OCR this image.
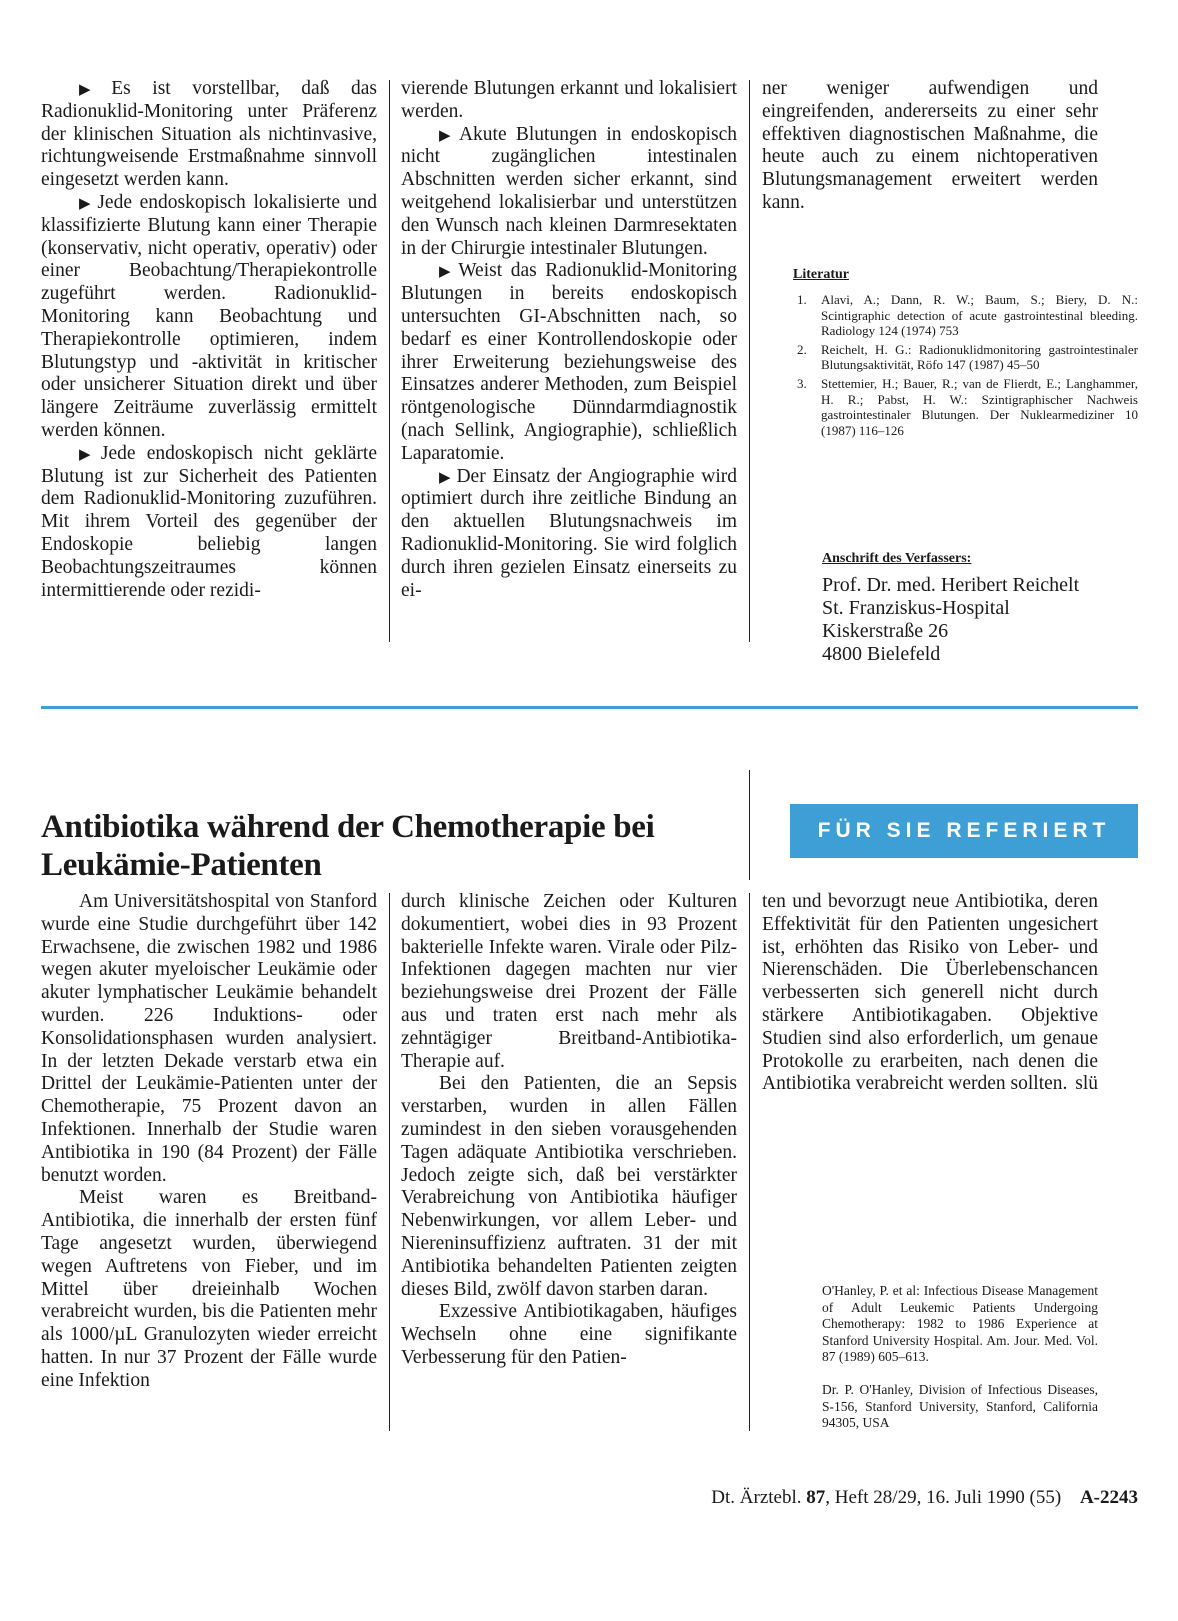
▶ Es ist vorstellbar, daß das Radionuklid-Monitoring unter Präferenz der klinischen Situation als nichtinvasive, richtungweisende Erstmaßnahme sinnvoll eingesetzt werden kann.

▶ Jede endoskopisch lokalisierte und klassifizierte Blutung kann einer Therapie (konservativ, nicht operativ, operativ) oder einer Beobachtung/Therapiekontrolle zugeführt werden. Radionuklid-Monitoring kann Beobachtung und Therapiekontrolle optimieren, indem Blutungstyp und -aktivität in kritischer oder unsicherer Situation direkt und über längere Zeiträume zuverlässig ermittelt werden können.

▶ Jede endoskopisch nicht geklärte Blutung ist zur Sicherheit des Patienten dem Radionuklid-Monitoring zuzuführen. Mit ihrem Vorteil des gegenüber der Endoskopie beliebig langen Beobachtungszeitraumes können intermittierende oder rezidi-

vierende Blutungen erkannt und lokalisiert werden.

▶ Akute Blutungen in endoskopisch nicht zugänglichen intestinalen Abschnitten werden sicher erkannt, sind weitgehend lokalisierbar und unterstützen den Wunsch nach kleinen Darmresektaten in der Chirurgie intestinaler Blutungen.

▶ Weist das Radionuklid-Monitoring Blutungen in bereits endoskopisch untersuchten GI-Abschnitten nach, so bedarf es einer Kontrollendoskopie oder ihrer Erweiterung beziehungsweise des Einsatzes anderer Methoden, zum Beispiel röntgenologische Dünndarmdiagnostik (nach Sellink, Angiographie), schließlich Laparatomie.

▶ Der Einsatz der Angiographie wird optimiert durch ihre zeitliche Bindung an den aktuellen Blutungsnachweis im Radionuklid-Monitoring. Sie wird folglich durch ihren gezielen Einsatz einerseits zu ei-

ner weniger aufwendigen und eingreifenden, andererseits zu einer sehr effektiven diagnostischen Maßnahme, die heute auch zu einem nichtoperativen Blutungsmanagement erweitert werden kann.

Literatur
1. Alavi, A.; Dann, R. W.; Baum, S.; Biery, D. N.: Scintigraphic detection of acute gastrointestinal bleeding. Radiology 124 (1974) 753
2. Reichelt, H. G.: Radionuklidmonitoring gastrointestinaler Blutungsaktivität, Röfo 147 (1987) 45–50
3. Stettemier, H.; Bauer, R.; van de Flierdt, E.; Langhammer, H. R.; Pabst, H. W.: Szintigraphischer Nachweis gastrointestinaler Blutungen. Der Nuklearmediziner 10 (1987) 116–126
Anschrift des Verfassers:
Prof. Dr. med. Heribert Reichelt
St. Franziskus-Hospital
Kiskerstraße 26
4800 Bielefeld
Antibiotika während der Chemotherapie bei Leukämie-Patienten
FÜR SIE REFERIERT

Am Universitätshospital von Stanford wurde eine Studie durchgeführt über 142 Erwachsene, die zwischen 1982 und 1986 wegen akuter myeloischer Leukämie oder akuter lymphatischer Leukämie behandelt wurden. 226 Induktions- oder Konsolidationsphasen wurden analysiert. In der letzten Dekade verstarb etwa ein Drittel der Leukämie-Patienten unter der Chemotherapie, 75 Prozent davon an Infektionen. Innerhalb der Studie waren Antibiotika in 190 (84 Prozent) der Fälle benutzt worden.

Meist waren es Breitband-Antibiotika, die innerhalb der ersten fünf Tage angesetzt wurden, überwiegend wegen Auftretens von Fieber, und im Mittel über dreieinhalb Wochen verabreicht wurden, bis die Patienten mehr als 1000/µL Granulozyten wieder erreicht hatten. In nur 37 Prozent der Fälle wurde eine Infektion

durch klinische Zeichen oder Kulturen dokumentiert, wobei dies in 93 Prozent bakterielle Infekte waren. Virale oder Pilz-Infektionen dagegen machten nur vier beziehungsweise drei Prozent der Fälle aus und traten erst nach mehr als zehntägiger Breitband-Antibiotika-Therapie auf.

Bei den Patienten, die an Sepsis verstarben, wurden in allen Fällen zumindest in den sieben vorausgehenden Tagen adäquate Antibiotika verschrieben. Jedoch zeigte sich, daß bei verstärkter Verabreichung von Antibiotika häufiger Nebenwirkungen, vor allem Leber- und Niereninsuffizienz auftraten. 31 der mit Antibiotika behandelten Patienten zeigten dieses Bild, zwölf davon starben daran.

Exzessive Antibiotikagaben, häufiges Wechseln ohne eine signifikante Verbesserung für den Patien-

ten und bevorzugt neue Antibiotika, deren Effektivität für den Patienten ungesichert ist, erhöhten das Risiko von Leber- und Nierenschäden. Die Überlebenschancen verbesserten sich generell nicht durch stärkere Antibiotikagaben. Objektive Studien sind also erforderlich, um genaue Protokolle zu erarbeiten, nach denen die Antibiotika verabreicht werden sollten. slü
O'Hanley, P. et al: Infectious Disease Management of Adult Leukemic Patients Undergoing Chemotherapy: 1982 to 1986 Experience at Stanford University Hospital. Am. Jour. Med. Vol. 87 (1989) 605–613.
Dr. P. O'Hanley, Division of Infectious Diseases, S-156, Stanford University, Stanford, California 94305, USA
Dt. Ärztebl. 87, Heft 28/29, 16. Juli 1990 (55) A-2243
